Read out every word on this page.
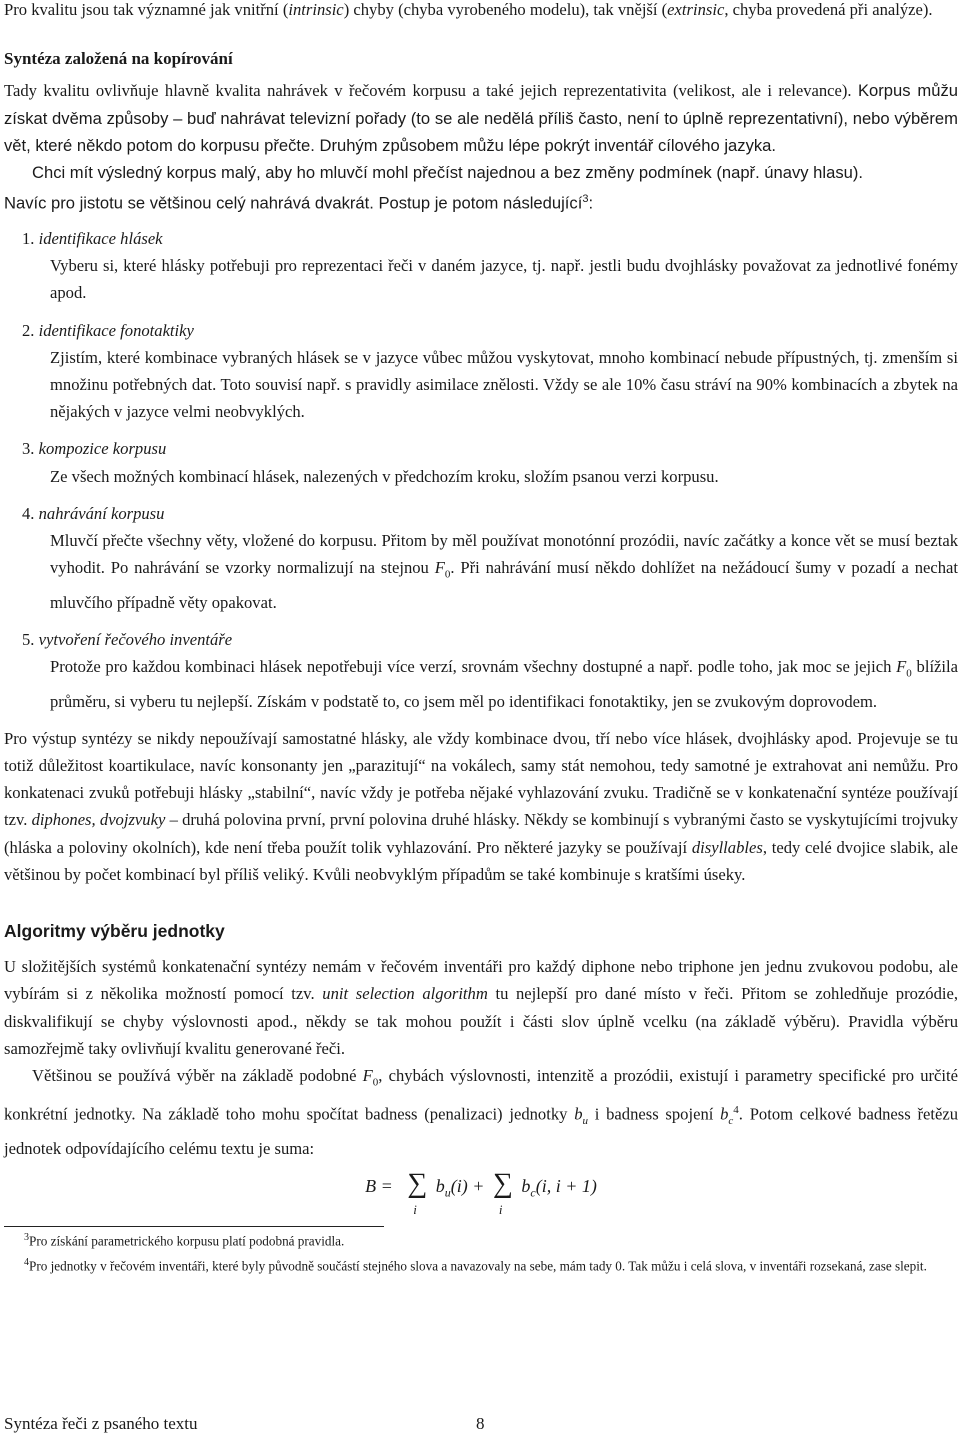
Pro kvalitu jsou tak významné jak vnitřní (intrinsic) chyby (chyba vyrobeného modelu), tak vnější (extrinsic, chyba provedená při analýze).

Syntéza založená na kopírování

Tady kvalitu ovlivňuje hlavně kvalita nahrávek v řečovém korpusu a také jejich reprezentativita (velikost, ale i relevance). Korpus můžu získat dvěma způsoby – buď nahrávat televizní pořady (to se ale nedělá příliš často, není to úplně reprezentativní), nebo výběrem vět, které někdo potom do korpusu přečte. Druhým způsobem můžu lépe pokrýt inventář cílového jazyka.

Chci mít výsledný korpus malý, aby ho mluvčí mohl přečíst najednou a bez změny podmínek (např. únavy hlasu).

Navíc pro jistotu se většinou celý nahrává dvakrát. Postup je potom následující$^3$:

1. identifikace hlásek

Vyberu si, které hlásky potřebuji pro reprezentaci řeči v daném jazyce, tj. např. jestli budu dvojhlásky považovat za jednotlivé fonémy apod.

2. identifikace fonotaktiky

Zjistím, které kombinace vybraných hlásek se v jazyce vůbec můžou vyskytovat, mnoho kombinací nebude přípustných, tj. zmenším si množinu potřebných dat. Toto souvisí např. s pravidly asimilace znělosti. Vždy se ale 10% času stráví na 90% kombinacích a zbytek na nějakých v jazyce velmi neobvyklých.

3. kompozice korpusu

Ze všech možných kombinací hlásek, nalezených v předchozím kroku, složím psanou verzi korpusu.

4. nahrávání korpusu

Mluvčí přečte všechny věty, vložené do korpusu. Přitom by měl používat monotónní prozódii, navíc začátky a konce vět se musí beztak vyhodit. Po nahrávání se vzorky normalizují na stejnou $F_0$. Při nahrávání musí někdo dohlížet na nežádoucí šumy v pozadí a nechat mluvčího případně věty opakovat.

5. vytvoření řečového inventáře

Protože pro každou kombinaci hlásek nepotřebuji více verzí, srovnám všechny dostupné a např. podle toho, jak moc se jejich $F_0$ blížila průměru, si vyberu tu nejlepší. Získám v podstatě to, co jsem měl po identifikaci fonotaktiky, jen se zvukovým doprovodem.

Pro výstup syntézy se nikdy nepoužívají samostatné hlásky, ale vždy kombinace dvou, tří nebo více hlásek, dvojhlásky apod. Projevuje se tu totiž důležitost koartikulace, navíc konsonanty jen „parazitují“ na vokálech, samy stát nemohou, tedy samotné je extrahovat ani nemůžu. Pro konkatenaci zvuků potřebuji hlásky „stabilní“, navíc vždy je potřeba nějaké vyhlazování zvuku. Tradičně se v konkatenační syntéze používají tzv. diphones, dvojzvuky – druhá polovina první, první polovina druhé hlásky. Někdy se kombinují s vybranými často se vyskytujícími trojvuky (hláska a poloviny okolních), kde není třeba použít tolik vyhlazování. Pro některé jazyky se používají disyllables, tedy celé dvojice slabik, ale většinou by počet kombinací byl příliš veliký. Kvůli neobvyklým případům se také kombinuje s kratšími úseky.

Algoritmy výběru jednotky

U složitějších systémů konkatenační syntézy nemám v řečovém inventáři pro každý diphone nebo triphone jen jednu zvukovou podobu, ale vybírám si z několika možností pomocí tzv. unit selection algorithm tu nejlepší pro dané místo v řeči. Přitom se zohledňuje prozódie, diskvalifikují se chyby výslovnosti apod., někdy se tak mohou použít i části slov úplně vcelku (na základě výběru). Pravidla výběru samozřejmě taky ovlivňují kvalitu generované řeči.

Většinou se používá výběr na základě podobné $F_0$, chybách výslovnosti, intenzitě a prozódii, existují i parametry specifické pro určité konkrétní jednotky. Na základě toho mohu spočítat badness (penalizaci) jednotky $b_u$ i badness spojení $b_c^4$. Potom celkové badness řetězu jednotek odpovídajícího celému textu je suma:

B = ∑
i
$b_u(i)$ + ∑
i
$b_c(i$, i + 1)

$^3$Pro získání parametrického korpusu platí podobná pravidla.

$^4$Pro jednotky v řečovém inventáři, které byly původně součástí stejného slova a navazovaly na sebe, mám tady 0. Tak můžu i celá slova, v inventáři rozsekaná, zase slepit.

Syntéza řeči z psaného textu	8
